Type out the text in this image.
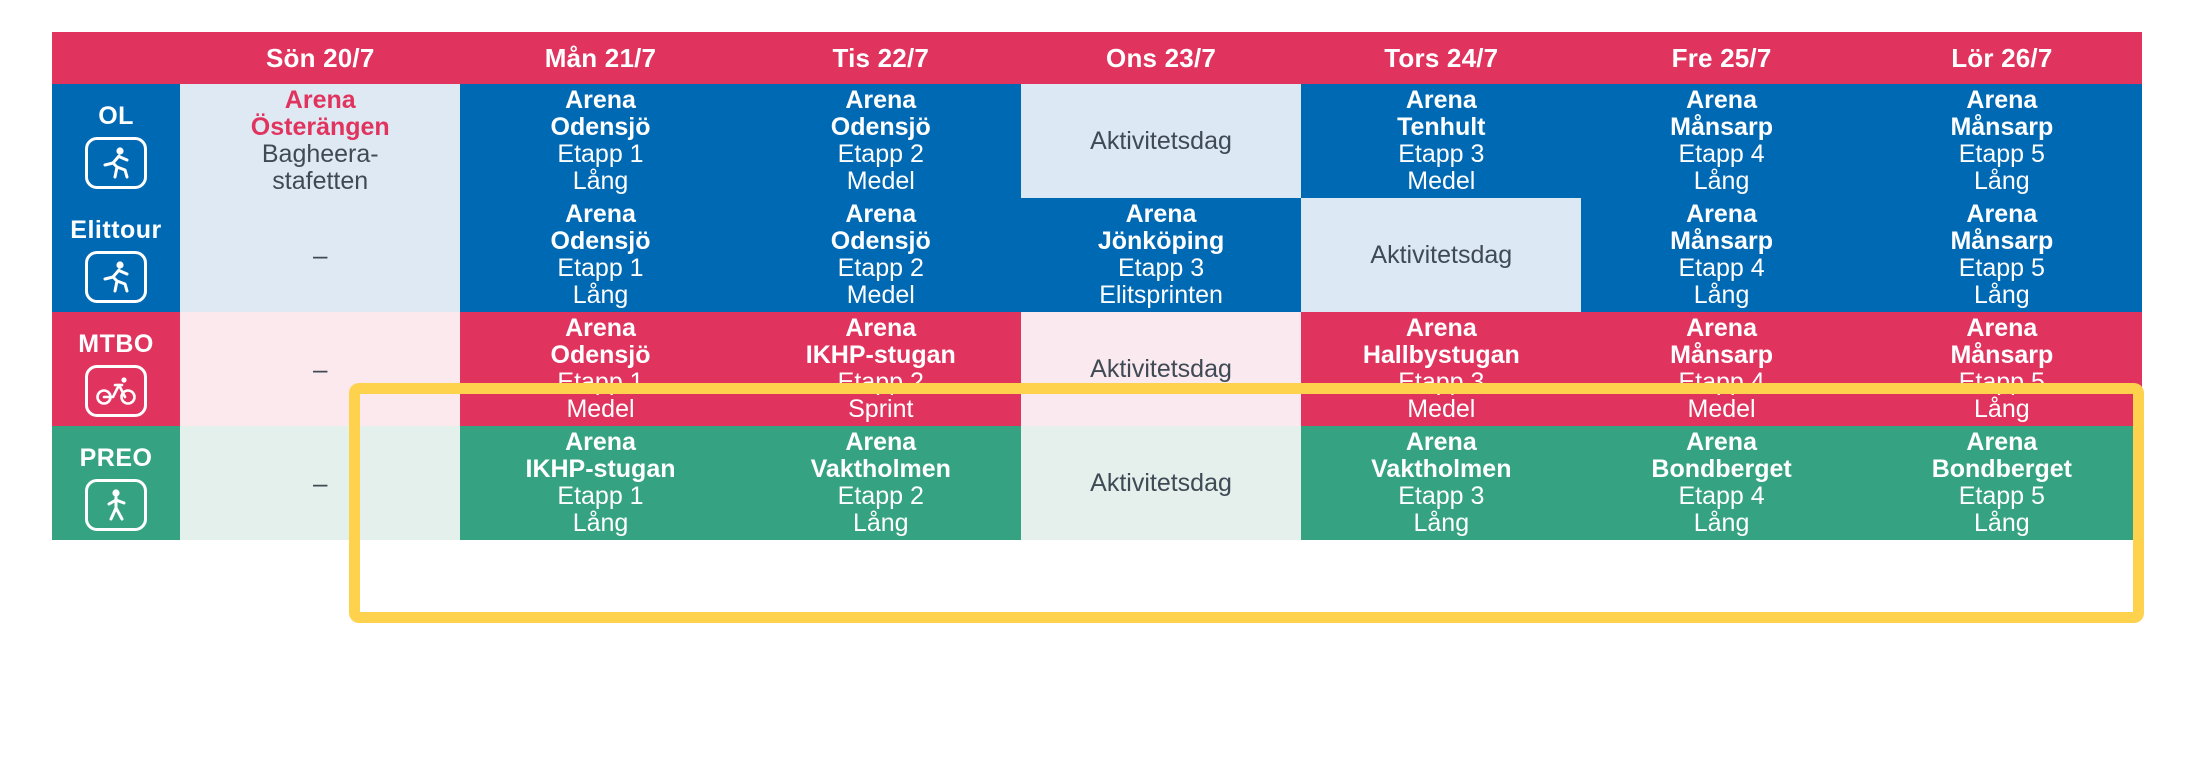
	Sön 20/7	Mån 21/7	Tis 22/7	Ons 23/7	Tors 24/7	Fre 25/7	Lör 26/7

OL	Arena
Österängen
Bagheera-
stafetten	Arena
Odensjö
Etapp 1
Lång	Arena
Odensjö
Etapp 2
Medel	Aktivitetsdag	Arena
Tenhult
Etapp 3
Medel	Arena
Månsarp
Etapp 4
Lång	Arena
Månsarp
Etapp 5
Lång

Elittour	–	Arena
Odensjö
Etapp 1
Lång	Arena
Odensjö
Etapp 2
Medel	Arena
Jönköping
Etapp 3
Elitsprinten	Aktivitetsdag	Arena
Månsarp
Etapp 4
Lång	Arena
Månsarp
Etapp 5
Lång

MTBO	–	Arena
Odensjö
Etapp 1
Medel	Arena
IKHP-stugan
Etapp 2
Sprint	Aktivitetsdag	Arena
Hallbystugan
Etapp 3
Medel	Arena
Månsarp
Etapp 4
Medel	Arena
Månsarp
Etapp 5
Lång

PREO	–	Arena
IKHP-stugan
Etapp 1
Lång	Arena
Vaktholmen
Etapp 2
Lång	Aktivitetsdag	Arena
Vaktholmen
Etapp 3
Lång	Arena
Bondberget
Etapp 4
Lång	Arena
Bondberget
Etapp 5
Lång
